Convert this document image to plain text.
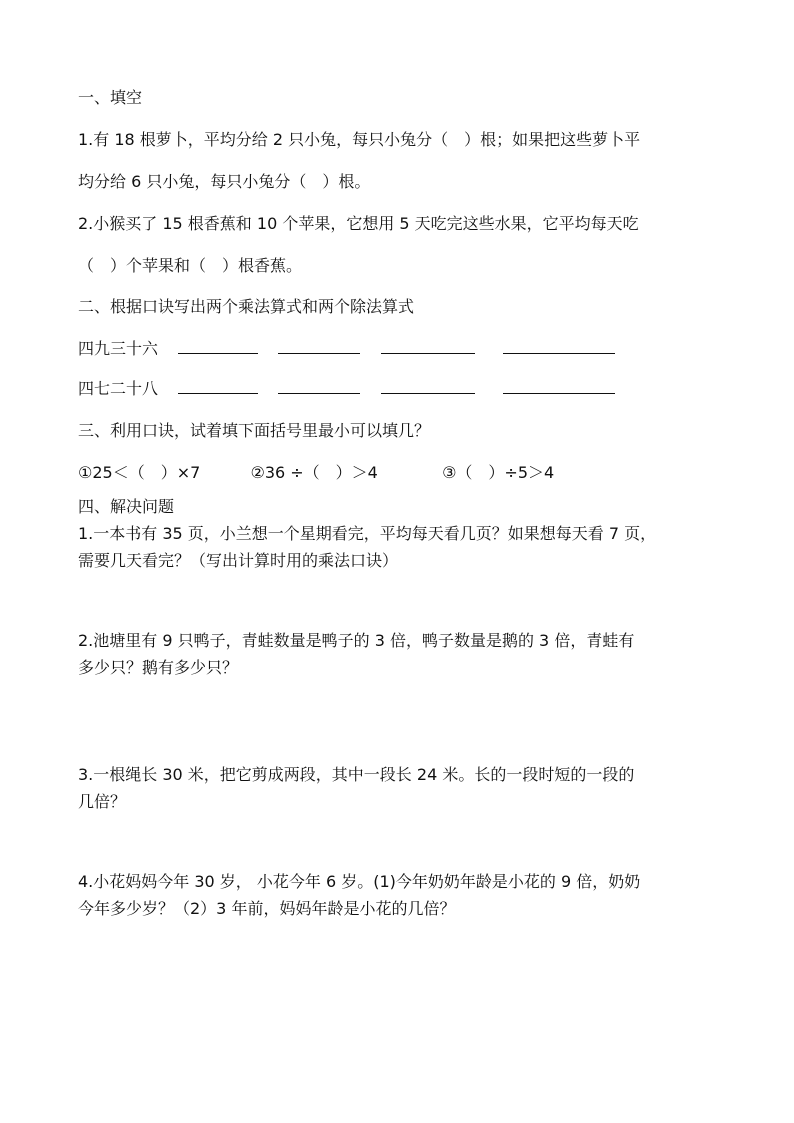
一、填空
1.有 18 根萝卜，平均分给 2 只小兔，每只小兔分（　）根；如果把这些萝卜平
均分给 6 只小兔，每只小兔分（　）根。
2.小猴买了 15 根香蕉和 10 个苹果，它想用 5 天吃完这些水果，它平均每天吃
（　）个苹果和（　）根香蕉。
二、根据口诀写出两个乘法算式和两个除法算式
四九三十六
四七二十八
三、利用口诀，试着填下面括号里最小可以填几？
①25＜（　）×7	②36 ÷（　）＞4	③（　）÷5＞4
四、解决问题
1.一本书有 35 页，小兰想一个星期看完，平均每天看几页？如果想每天看 7 页，
需要几天看完？（写出计算时用的乘法口诀）
2.池塘里有 9 只鸭子，青蛙数量是鸭子的 3 倍，鸭子数量是鹅的 3 倍，青蛙有
多少只？鹅有多少只？
3.一根绳长 30 米，把它剪成两段，其中一段长 24 米。长的一段时短的一段的
几倍？
4.小花妈妈今年 30 岁， 小花今年 6 岁。(1)今年奶奶年龄是小花的 9 倍，奶奶
今年多少岁？（2）3 年前，妈妈年龄是小花的几倍？
